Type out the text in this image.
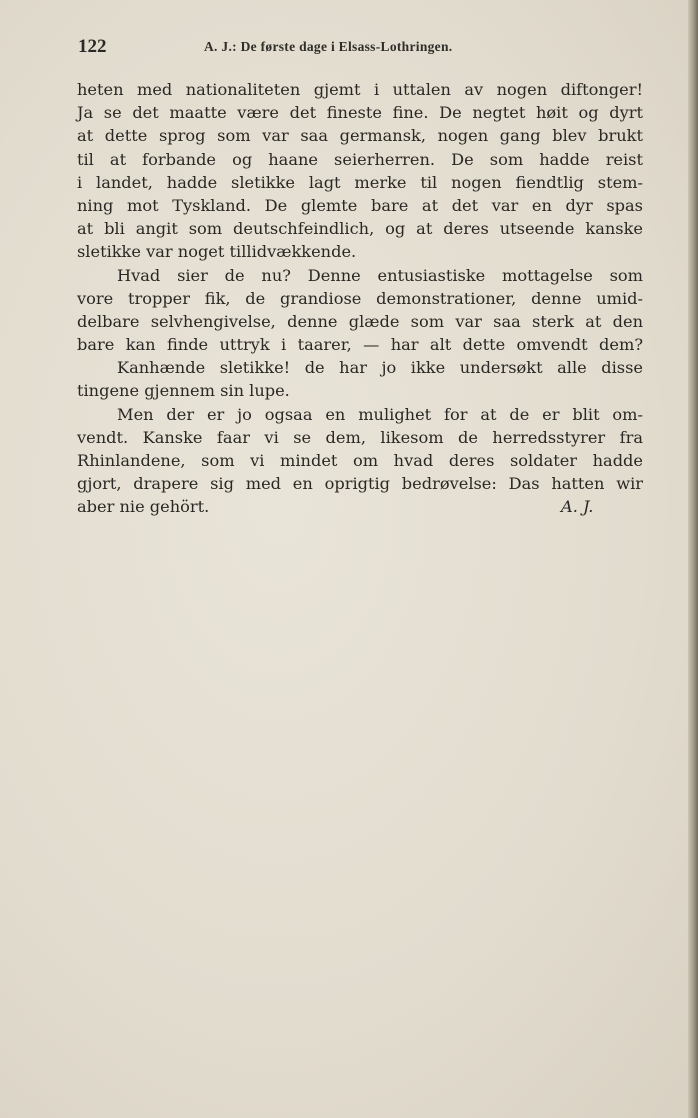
122	A. J.: De første dage i Elsass-Lothringen.
heten med nationaliteten gjemt i uttalen av nogen diftonger!
Ja se det maatte være det fineste fine. De negtet høit og dyrt
at dette sprog som var saa germansk, nogen gang blev brukt
til at forbande og haane seierherren. De som hadde reist
i landet, hadde sletikke lagt merke til nogen fiendtlig stem-
ning mot Tyskland. De glemte bare at det var en dyr spas
at bli angit som deutschfeindlich, og at deres utseende kanske
sletikke var noget tillidvækkende.
Hvad sier de nu? Denne entusiastiske mottagelse som
vore tropper fik, de grandiose demonstrationer, denne umid-
delbare selvhengivelse, denne glæde som var saa sterk at den
bare kan finde uttryk i taarer, — har alt dette omvendt dem?
Kanhænde sletikke! de har jo ikke undersøkt alle disse
tingene gjennem sin lupe.
Men der er jo ogsaa en mulighet for at de er blit om-
vendt. Kanske faar vi se dem, likesom de herredsstyrer fra
Rhinlandene, som vi mindet om hvad deres soldater hadde
gjort, drapere sig med en oprigtig bedrøvelse: Das hatten wir
aber nie gehört.	A. J.
